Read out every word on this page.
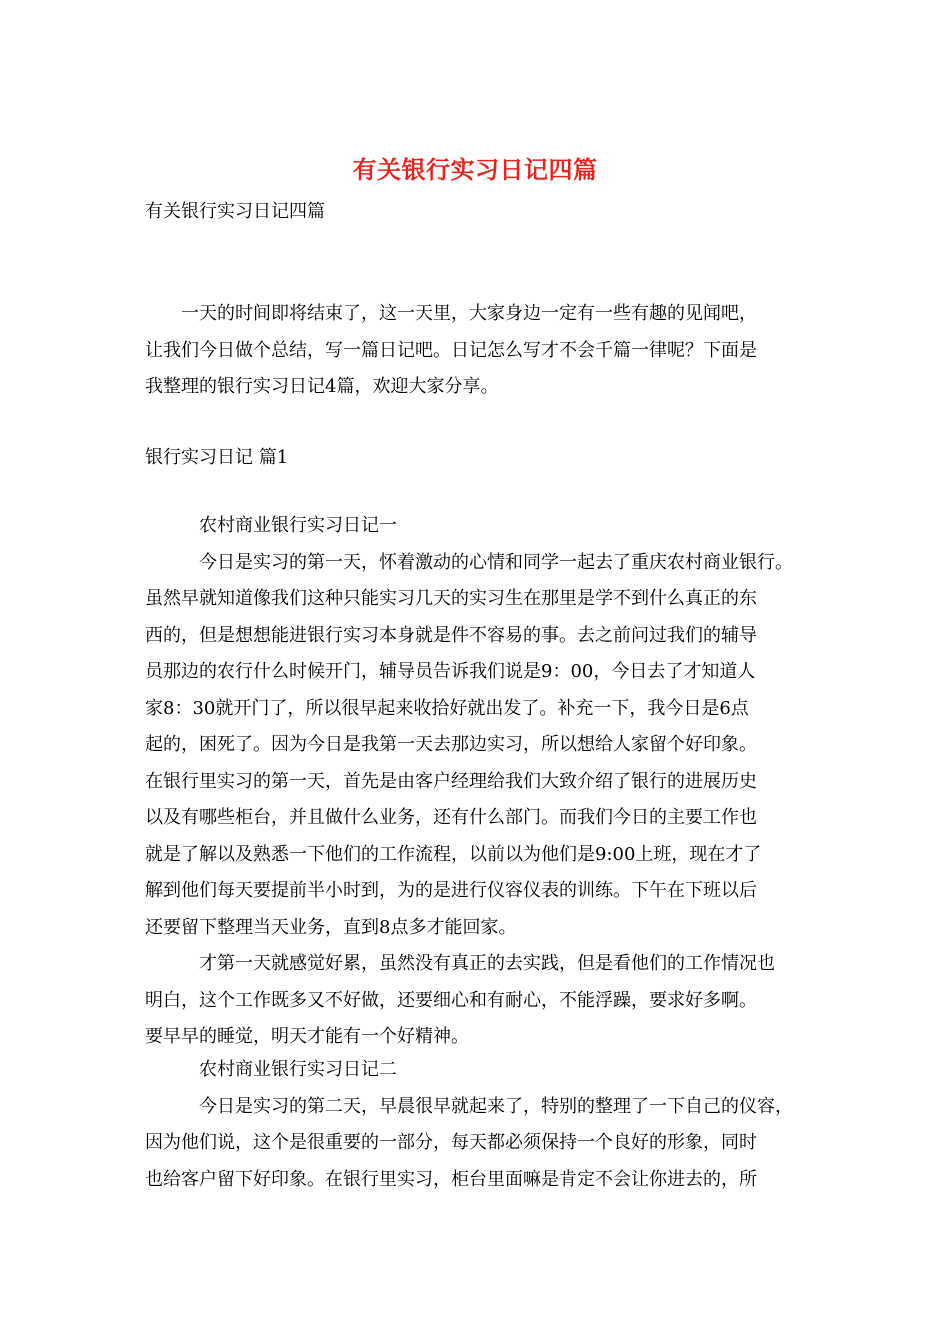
有关银行实习日记四篇
有关银行实习日记四篇
　　一天的时间即将结束了，这一天里，大家身边一定有一些有趣的见闻吧，
让我们今日做个总结，写一篇日记吧。日记怎么写才不会千篇一律呢？下面是
我整理的银行实习日记4篇，欢迎大家分享。
银行实习日记 篇1
　　　农村商业银行实习日记一
　　　今日是实习的第一天，怀着激动的心情和同学一起去了重庆农村商业银行。
虽然早就知道像我们这种只能实习几天的实习生在那里是学不到什么真正的东
西的，但是想想能进银行实习本身就是件不容易的事。去之前问过我们的辅导
员那边的农行什么时候开门，辅导员告诉我们说是9：00，今日去了才知道人
家8：30就开门了，所以很早起来收拾好就出发了。补充一下，我今日是6点
起的，困死了。因为今日是我第一天去那边实习，所以想给人家留个好印象。
在银行里实习的第一天，首先是由客户经理给我们大致介绍了银行的进展历史
以及有哪些柜台，并且做什么业务，还有什么部门。而我们今日的主要工作也
就是了解以及熟悉一下他们的工作流程，以前以为他们是9:00上班，现在才了
解到他们每天要提前半小时到，为的是进行仪容仪表的训练。下午在下班以后
还要留下整理当天业务，直到8点多才能回家。
　　　才第一天就感觉好累，虽然没有真正的去实践，但是看他们的工作情况也
明白，这个工作既多又不好做，还要细心和有耐心，不能浮躁，要求好多啊。
要早早的睡觉，明天才能有一个好精神。
　　　农村商业银行实习日记二
　　　今日是实习的第二天，早晨很早就起来了，特别的整理了一下自己的仪容，
因为他们说，这个是很重要的一部分，每天都必须保持一个良好的形象，同时
也给客户留下好印象。在银行里实习，柜台里面嘛是肯定不会让你进去的，所
